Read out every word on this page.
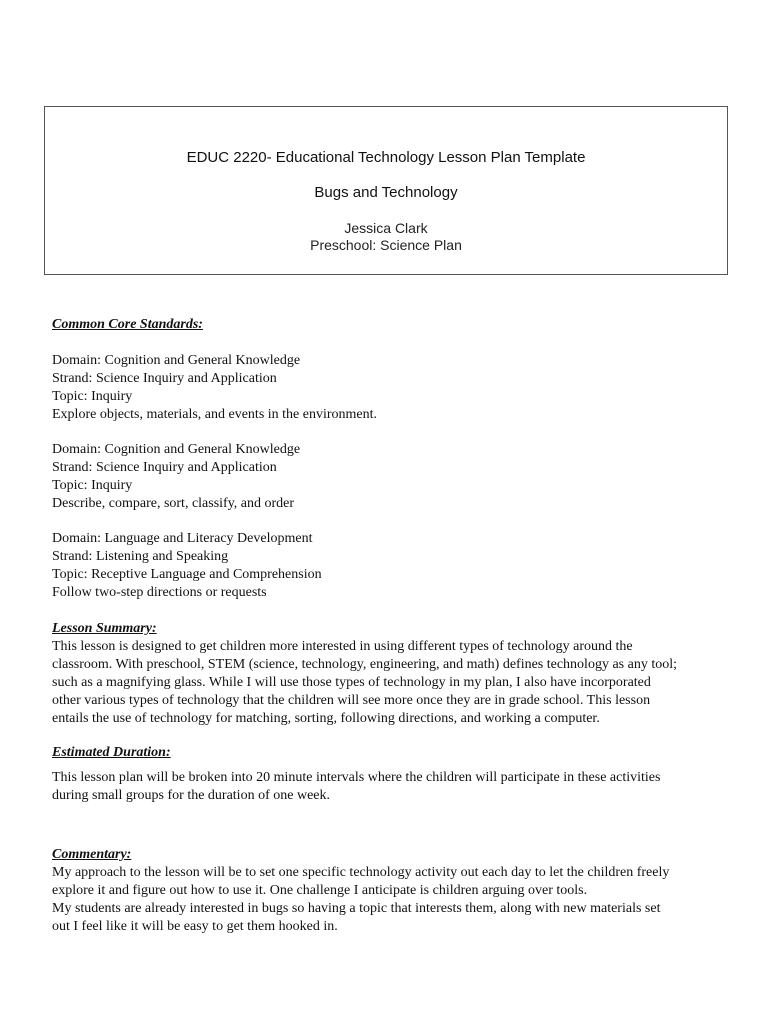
EDUC 2220- Educational Technology Lesson Plan Template
Bugs and Technology
Jessica Clark
Preschool: Science Plan
Common Core Standards:
Domain: Cognition and General Knowledge
Strand: Science Inquiry and Application
Topic: Inquiry
Explore objects, materials, and events in the environment.
Domain: Cognition and General Knowledge
Strand: Science Inquiry and Application
Topic: Inquiry
Describe, compare, sort, classify, and order
Domain: Language and Literacy Development
Strand: Listening and Speaking
Topic: Receptive Language and Comprehension
Follow two-step directions or requests
Lesson Summary:
This lesson is designed to get children more interested in using different types of technology around the
classroom. With preschool, STEM (science, technology, engineering, and math) defines technology as any tool;
such as a magnifying glass. While I will use those types of technology in my plan, I also have incorporated
other various types of technology that the children will see more once they are in grade school. This lesson
entails the use of technology for matching, sorting, following directions, and working a computer.
Estimated Duration:
This lesson plan will be broken into 20 minute intervals where the children will participate in these activities
during small groups for the duration of one week.
Commentary:
My approach to the lesson will be to set one specific technology activity out each day to let the children freely
explore it and figure out how to use it. One challenge I anticipate is children arguing over tools.
My students are already interested in bugs so having a topic that interests them, along with new materials set
out I feel like it will be easy to get them hooked in.
